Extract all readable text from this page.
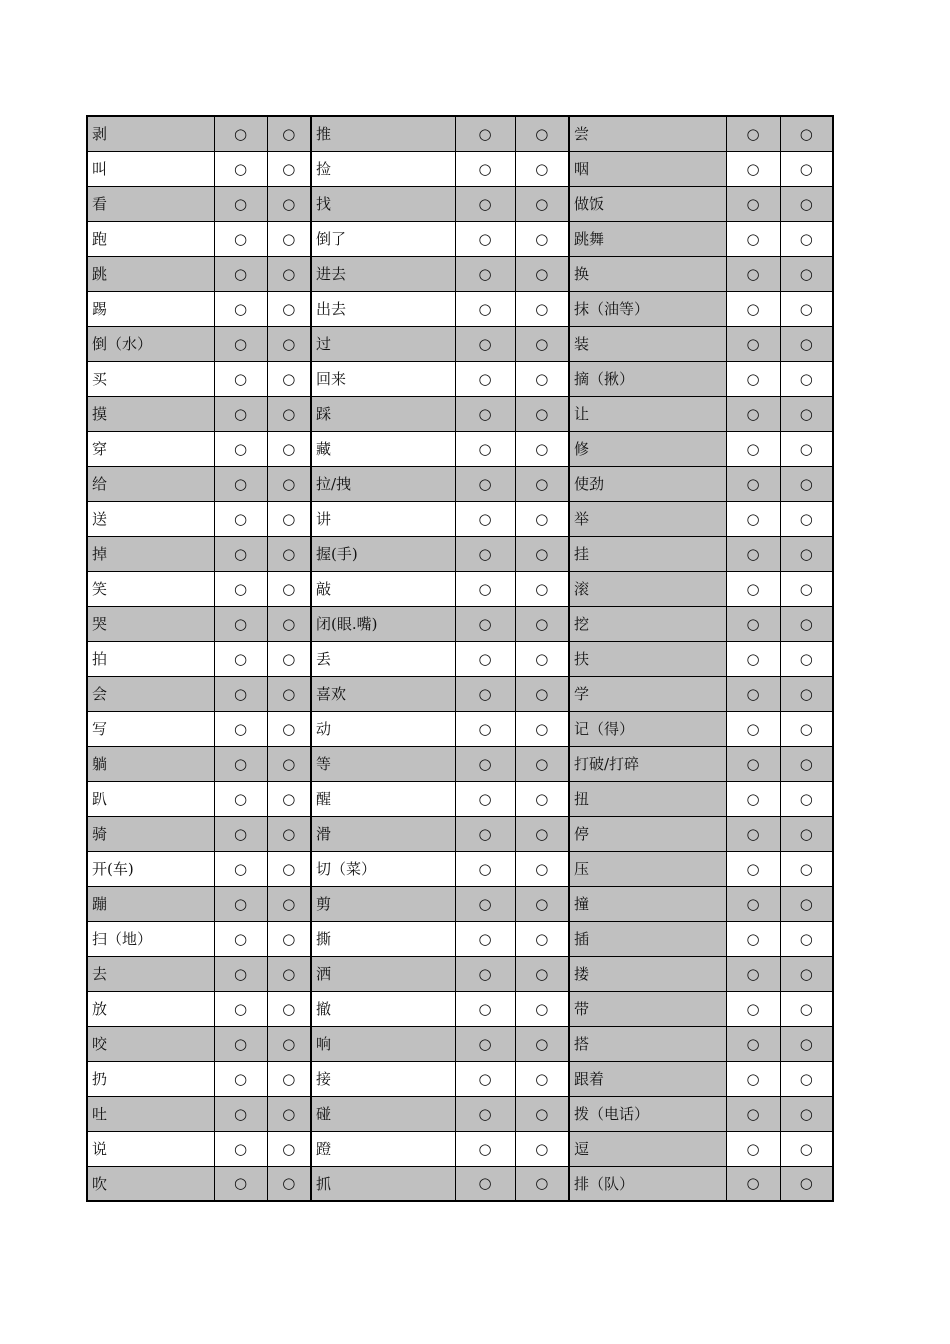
剥	○	○	推	○	○	尝	○	○
叫	○	○	捡	○	○	咽	○	○
看	○	○	找	○	○	做饭	○	○
跑	○	○	倒了	○	○	跳舞	○	○
跳	○	○	进去	○	○	换	○	○
踢	○	○	出去	○	○	抹（油等）	○	○
倒（水）	○	○	过	○	○	装	○	○
买	○	○	回来	○	○	摘（揪）	○	○
摸	○	○	踩	○	○	让	○	○
穿	○	○	藏	○	○	修	○	○
给	○	○	拉/拽	○	○	使劲	○	○
送	○	○	讲	○	○	举	○	○
掉	○	○	握(手)	○	○	挂	○	○
笑	○	○	敲	○	○	滚	○	○
哭	○	○	闭(眼.嘴)	○	○	挖	○	○
拍	○	○	丢	○	○	扶	○	○
会	○	○	喜欢	○	○	学	○	○
写	○	○	动	○	○	记（得）	○	○
躺	○	○	等	○	○	打破/打碎	○	○
趴	○	○	醒	○	○	扭	○	○
骑	○	○	滑	○	○	停	○	○
开(车)	○	○	切（菜）	○	○	压	○	○
蹦	○	○	剪	○	○	撞	○	○
扫（地）	○	○	撕	○	○	插	○	○
去	○	○	洒	○	○	搂	○	○
放	○	○	撤	○	○	带	○	○
咬	○	○	响	○	○	搭	○	○
扔	○	○	接	○	○	跟着	○	○
吐	○	○	碰	○	○	拨（电话）	○	○
说	○	○	蹬	○	○	逗	○	○
吹	○	○	抓	○	○	排（队）	○	○
